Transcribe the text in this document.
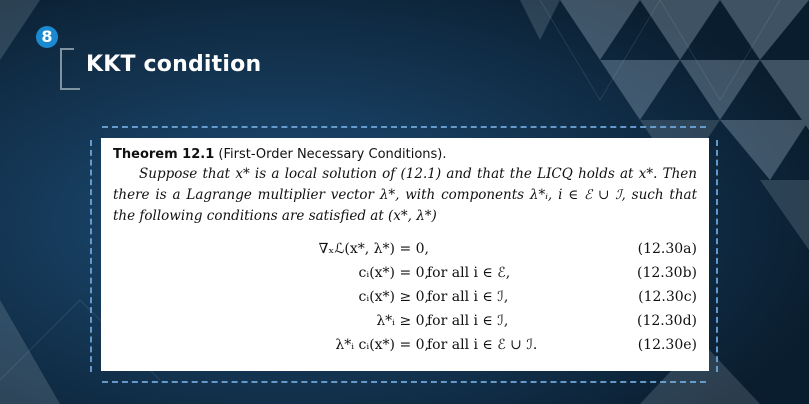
8
KKT condition
Theorem 12.1 (First-Order Necessary Conditions).
Suppose that x* is a local solution of (12.1) and that the LICQ holds at x*. Then there is a Lagrange multiplier vector λ*, with components λ*ᵢ, i ∈ ℰ ∪ ℐ, such that the following conditions are satisfied at (x*, λ*)
∇ₓℒ(x*, λ*) = 0,	(12.30a)
cᵢ(x*) = 0,
for all i ∈ ℰ,	(12.30b)
cᵢ(x*) ≥ 0,
for all i ∈ ℐ,	(12.30c)
λ*ᵢ ≥ 0,
for all i ∈ ℐ,	(12.30d)
λ*ᵢ cᵢ(x*) = 0,
for all i ∈ ℰ ∪ ℐ.	(12.30e)
